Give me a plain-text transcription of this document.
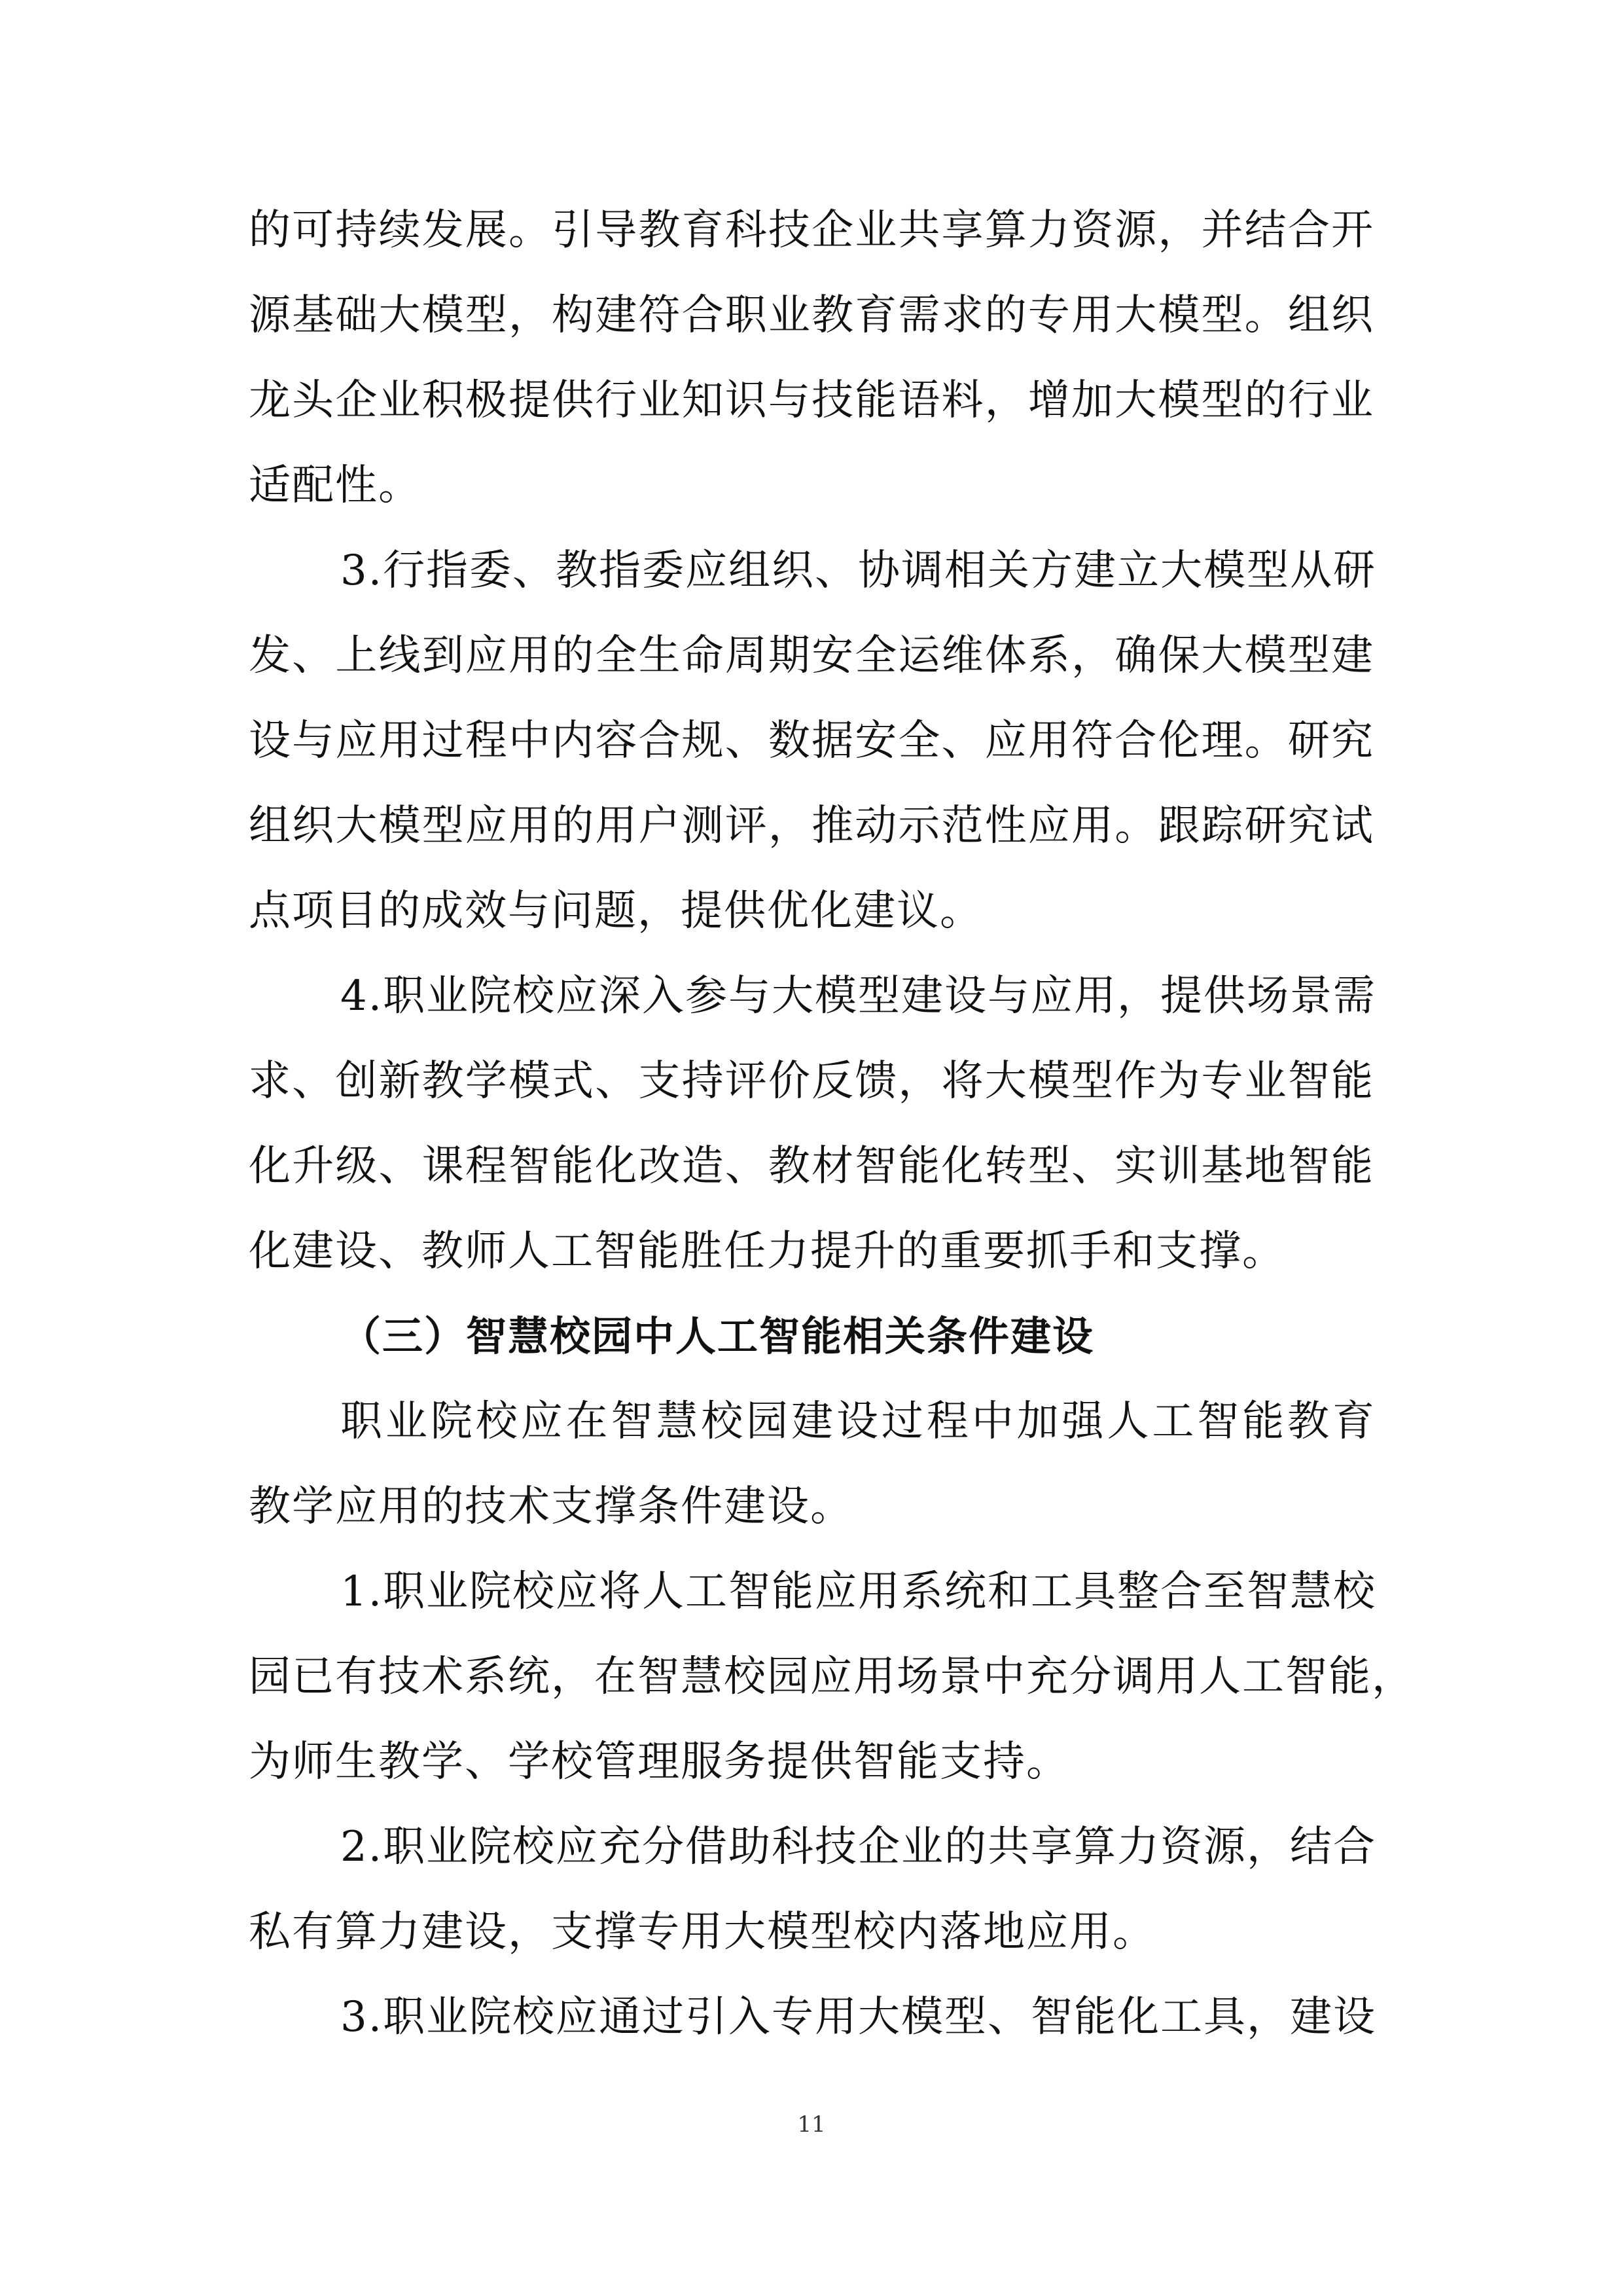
的可持续发展。引导教育科技企业共享算力资源，并结合开
源基础大模型，构建符合职业教育需求的专用大模型。组织
龙头企业积极提供行业知识与技能语料，增加大模型的行业
适配性。
3.行指委、教指委应组织、协调相关方建立大模型从研
发、上线到应用的全生命周期安全运维体系，确保大模型建
设与应用过程中内容合规、数据安全、应用符合伦理。研究
组织大模型应用的用户测评，推动示范性应用。跟踪研究试
点项目的成效与问题，提供优化建议。
4.职业院校应深入参与大模型建设与应用，提供场景需
求、创新教学模式、支持评价反馈，将大模型作为专业智能
化升级、课程智能化改造、教材智能化转型、实训基地智能
化建设、教师人工智能胜任力提升的重要抓手和支撑。
（三）智慧校园中人工智能相关条件建设
职业院校应在智慧校园建设过程中加强人工智能教育
教学应用的技术支撑条件建设。
1.职业院校应将人工智能应用系统和工具整合至智慧校
园已有技术系统，在智慧校园应用场景中充分调用人工智能，
为师生教学、学校管理服务提供智能支持。
2.职业院校应充分借助科技企业的共享算力资源，结合
私有算力建设，支撑专用大模型校内落地应用。
3.职业院校应通过引入专用大模型、智能化工具，建设
11
